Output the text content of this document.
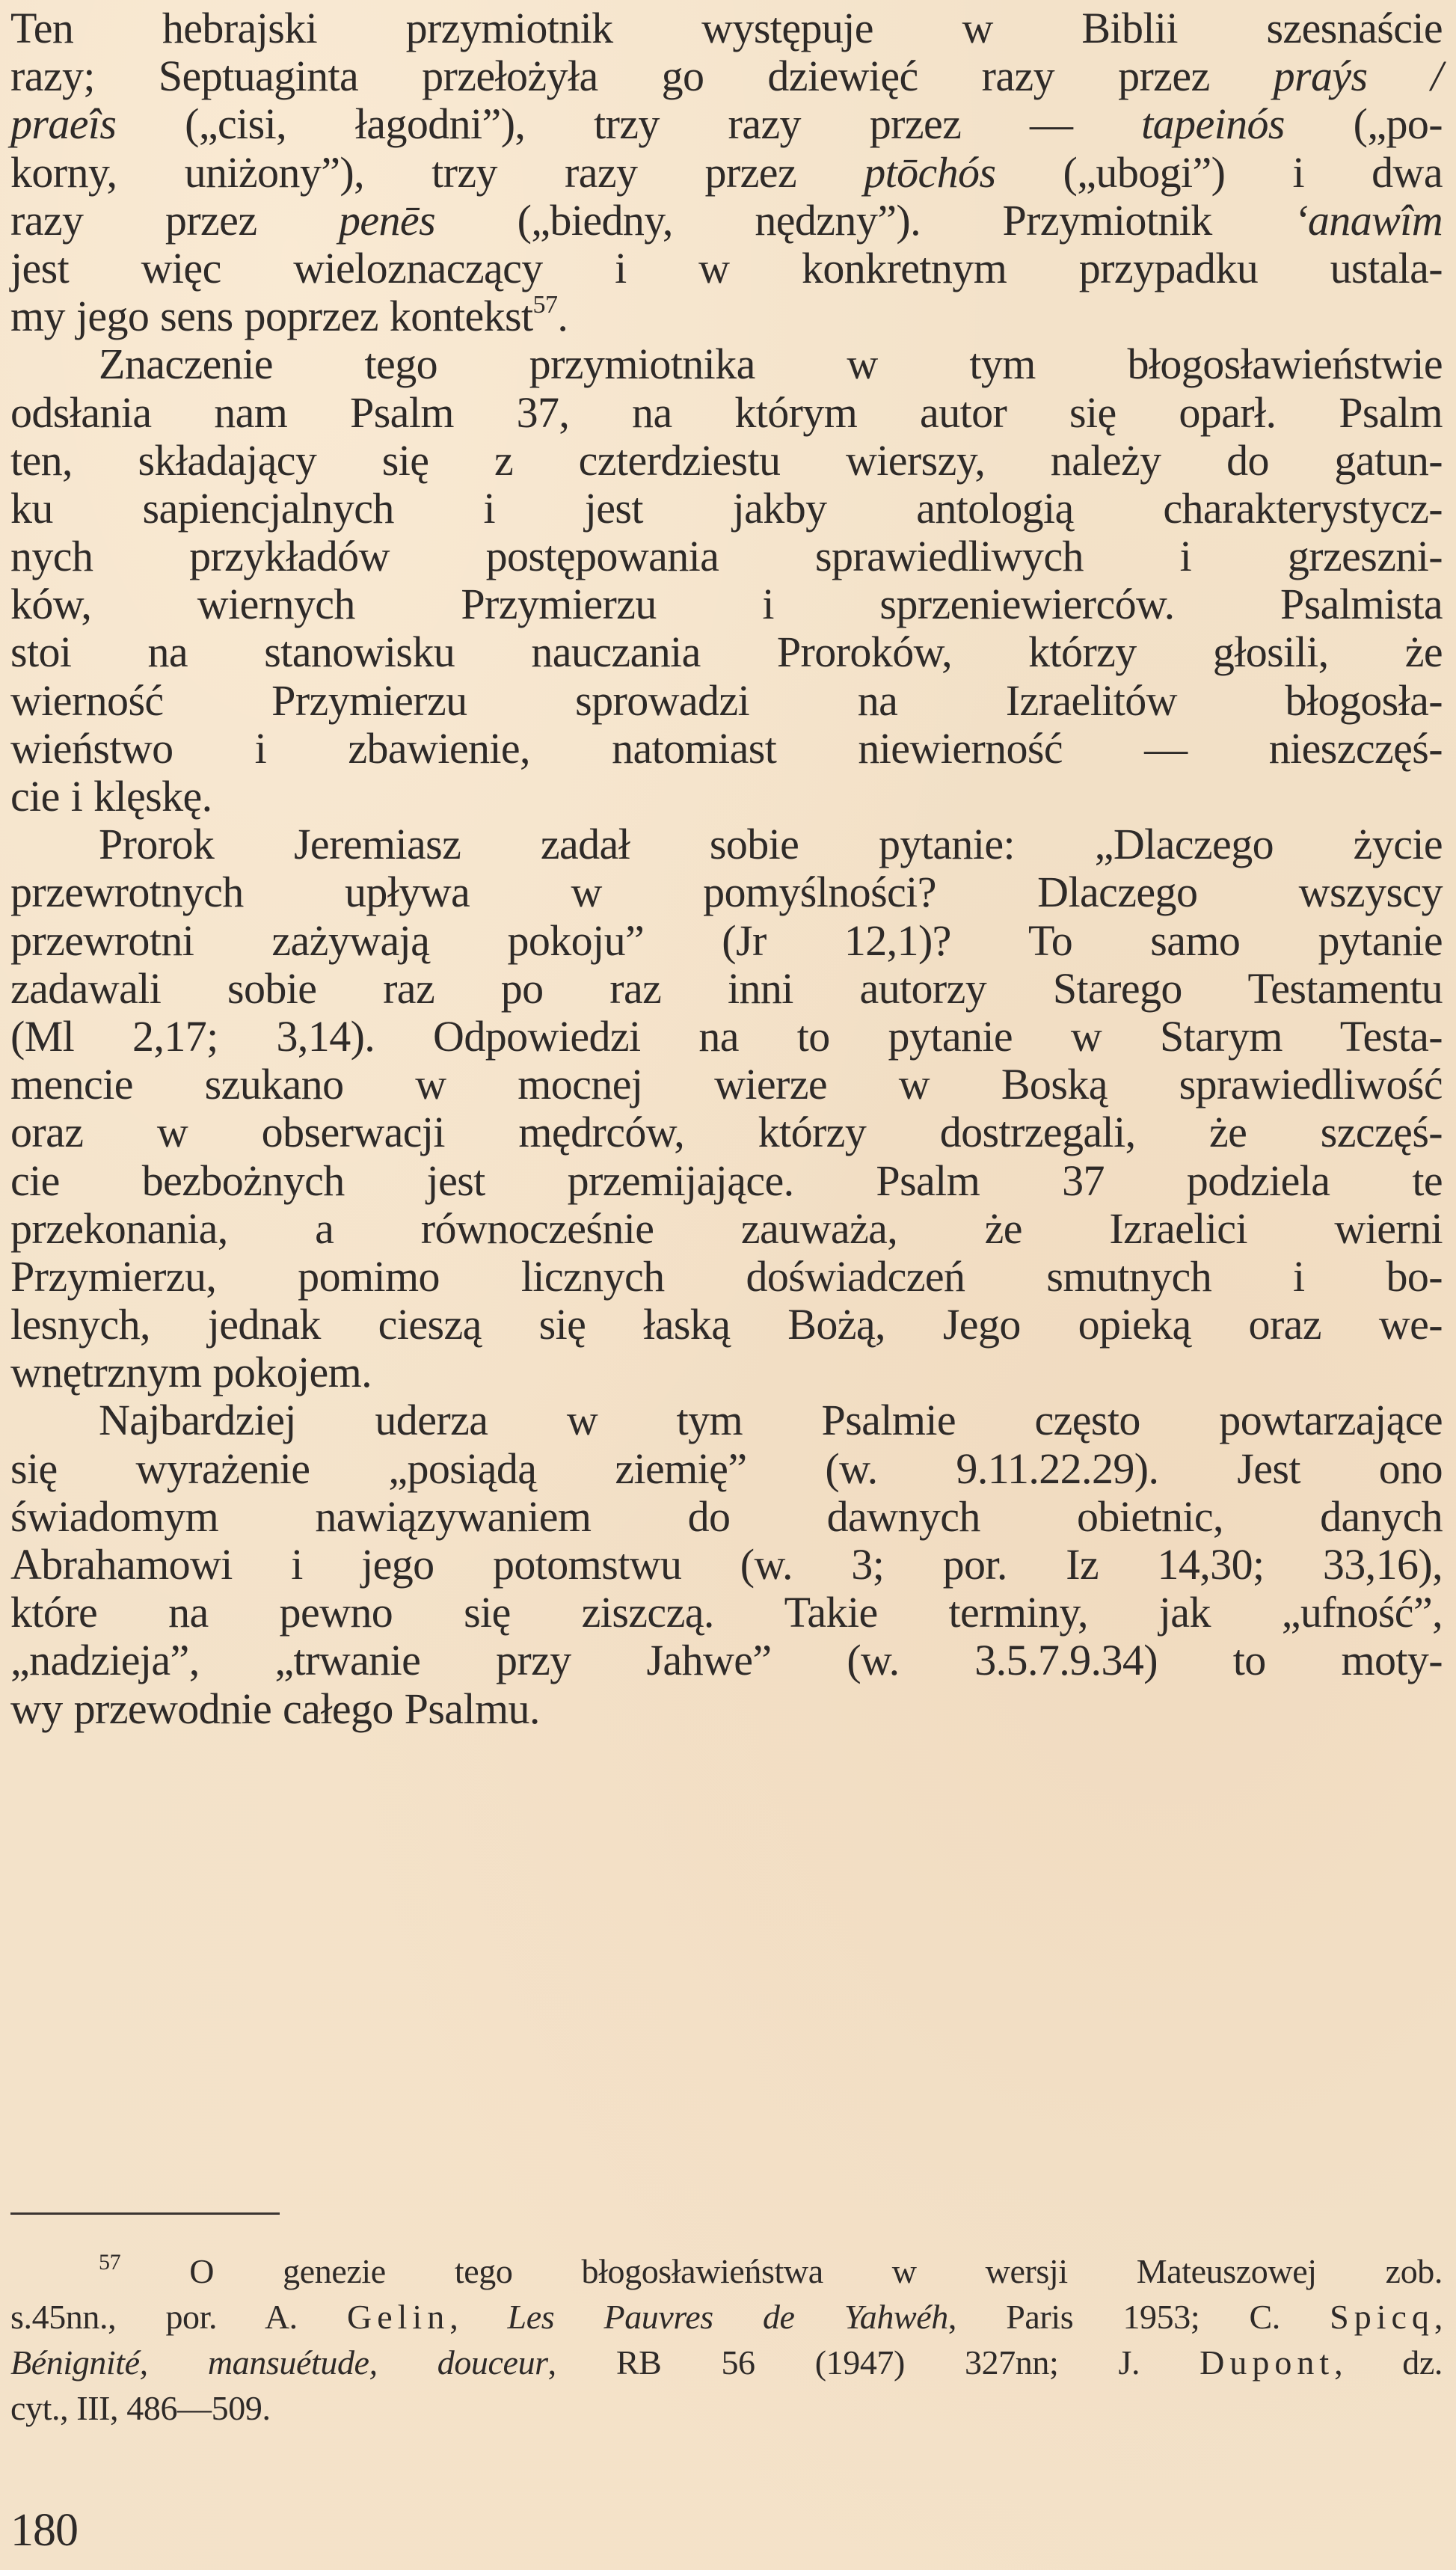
Ten hebrajski przymiotnik występuje w Biblii szesnaście
razy; Septuaginta przełożyła go dziewięć razy przez praýs /
praeîs („cisi, łagodni”), trzy razy przez — tapeinós („po-
korny, uniżony”), trzy razy przez ptōchós („ubogi”) i dwa
razy przez penēs („biedny, nędzny”). Przymiotnik ‘anawîm
jest więc wieloznaczący i w konkretnym przypadku ustala-
my jego sens poprzez kontekst$^{57}$.
Znaczenie tego przymiotnika w tym błogosławieństwie
odsłania nam Psalm 37, na którym autor się oparł. Psalm
ten, składający się z czterdziestu wierszy, należy do gatun-
ku sapiencjalnych i jest jakby antologią charakterystycz-
nych przykładów postępowania sprawiedliwych i grzeszni-
ków, wiernych Przymierzu i sprzeniewierców. Psalmista
stoi na stanowisku nauczania Proroków, którzy głosili, że
wierność Przymierzu sprowadzi na Izraelitów błogosła-
wieństwo i zbawienie, natomiast niewierność — nieszczęś-
cie i klęskę.
Prorok Jeremiasz zadał sobie pytanie: „Dlaczego życie
przewrotnych upływa w pomyślności? Dlaczego wszyscy
przewrotni zażywają pokoju” (Jr 12,1)? To samo pytanie
zadawali sobie raz po raz inni autorzy Starego Testamentu
(Ml 2,17; 3,14). Odpowiedzi na to pytanie w Starym Testa-
mencie szukano w mocnej wierze w Boską sprawiedliwość
oraz w obserwacji mędrców, którzy dostrzegali, że szczęś-
cie bezbożnych jest przemijające. Psalm 37 podziela te
przekonania, a równocześnie zauważa, że Izraelici wierni
Przymierzu, pomimo licznych doświadczeń smutnych i bo-
lesnych, jednak cieszą się łaską Bożą, Jego opieką oraz we-
wnętrznym pokojem.
Najbardziej uderza w tym Psalmie często powtarzające
się wyrażenie „posiądą ziemię” (w. 9.11.22.29). Jest ono
świadomym nawiązywaniem do dawnych obietnic, danych
Abrahamowi i jego potomstwu (w. 3; por. Iz 14,30; 33,16),
które na pewno się ziszczą. Takie terminy, jak „ufność”,
„nadzieja”, „trwanie przy Jahwe” (w. 3.5.7.9.34) to moty-
wy przewodnie całego Psalmu.
$^{57}$ O genezie tego błogosławieństwa w wersji Mateuszowej zob.
s.45nn., por. A. Gelin, Les Pauvres de Yahwéh, Paris 1953; C. Spicq,
Bénignité, mansuétude, douceur, RB 56 (1947) 327nn; J. Dupont, dz.
cyt., III, 486—509.
180
